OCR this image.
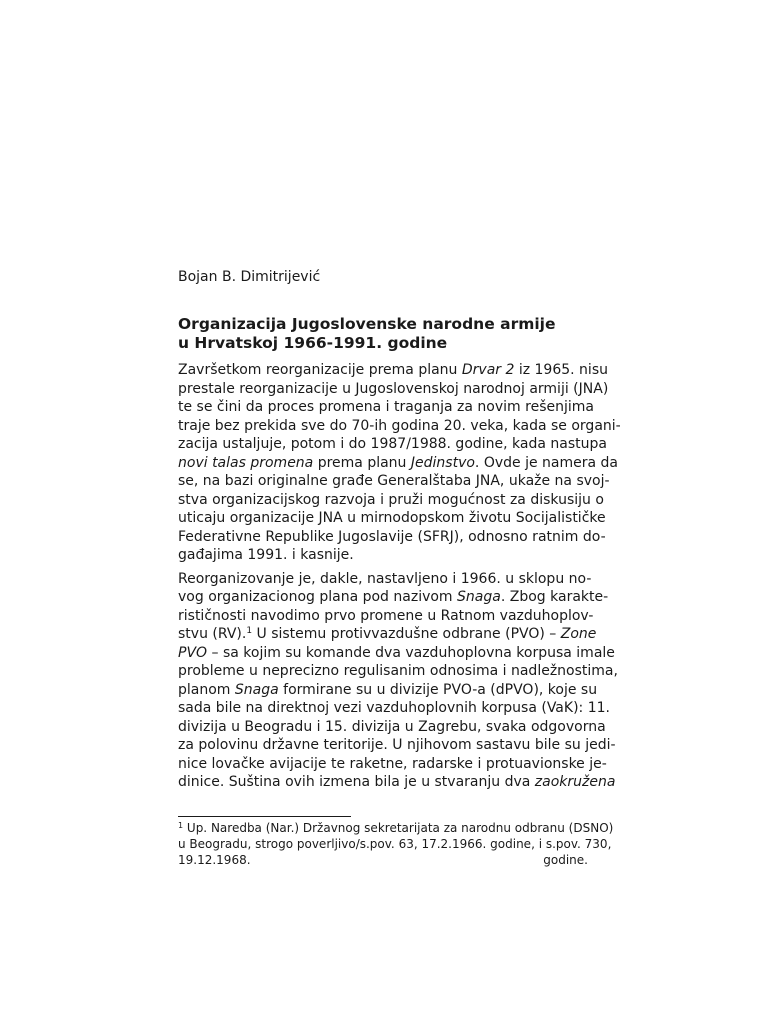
Bojan B. Dimitrijević
Organizacija Jugoslovenske narodne armije
u Hrvatskoj 1966-1991. godine

Završetkom reorganizacije prema planu Drvar 2 iz 1965. nisu
prestale reorganizacije u Jugoslovenskoj narodnoj armiji (JNA)
te se čini da proces promena i traganja za novim rešenjima
traje bez prekida sve do 70-ih godina 20. veka, kada se organi-
zacija ustaljuje, potom i do 1987/1988. godine, kada nastupa
novi talas promena prema planu Jedinstvo. Ovde je namera da
se, na bazi originalne građe Generalštaba JNA, ukaže na svoj-
stva organizacijskog razvoja i pruži mogućnost za diskusiju o
uticaju organizacije JNA u mirnodopskom životu Socijalističke
Federativne Republike Jugoslavije (SFRJ), odnosno ratnim do-
gađajima 1991. i kasnije.

Reorganizovanje je, dakle, nastavljeno i 1966. u sklopu no-
vog organizacionog plana pod nazivom Snaga. Zbog karakte-
rističnosti navodimo prvo promene u Ratnom vazduhoplov-
stvu (RV).$^1$ U sistemu protivvazdušne odbrane (PVO) – Zone
PVO – sa kojim su komande dva vazduhoplovna korpusa imale
probleme u neprecizno regulisanim odnosima i nadležnostima,
planom Snaga formirane su u divizije PVO-a (dPVO), koje su
sada bile na direktnoj vezi vazduhoplovnih korpusa (VaK): 11.
divizija u Beogradu i 15. divizija u Zagrebu, svaka odgovorna
za polovinu državne teritorije. U njihovom sastavu bile su jedi-
nice lovačke avijacije te raketne, radarske i protuavionske je-
dinice. Suština ovih izmena bila je u stvaranju dva zaokružena

$^1$ Up. Naredba (Nar.) Državnog sekretarijata za narodnu odbranu (DSNO)
u Beogradu, strogo poverljivo/s.pov. 63, 17.2.1966. godine, i s.pov. 730,
19.12.1968. godine.
